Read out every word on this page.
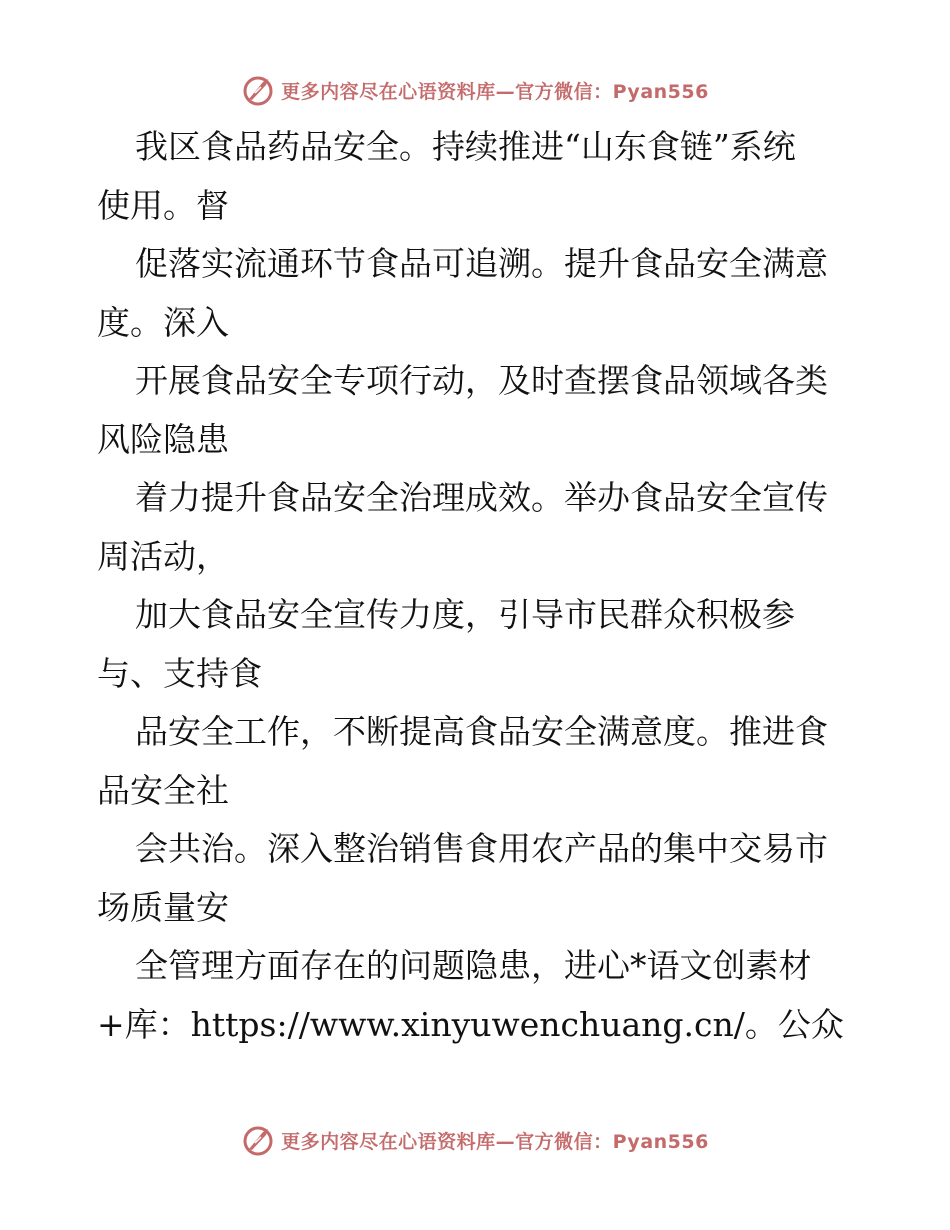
更多内容尽在心语资料库—官方微信：Pyan556
我区食品药品安全。持续推进“山东食链”系统
使用。督
促落实流通环节食品可追溯。提升食品安全满意
度。深入
开展食品安全专项行动，及时查摆食品领域各类
风险隐患
着力提升食品安全治理成效。举办食品安全宣传
周活动，
加大食品安全宣传力度，引导市民群众积极参
与、支持食
品安全工作，不断提高食品安全满意度。推进食
品安全社
会共治。深入整治销售食用农产品的集中交易市
场质量安
全管理方面存在的问题隐患，进心*语文创素材
+库：https://www.xinyuwenchuang.cn/。公众
更多内容尽在心语资料库—官方微信：Pyan556
